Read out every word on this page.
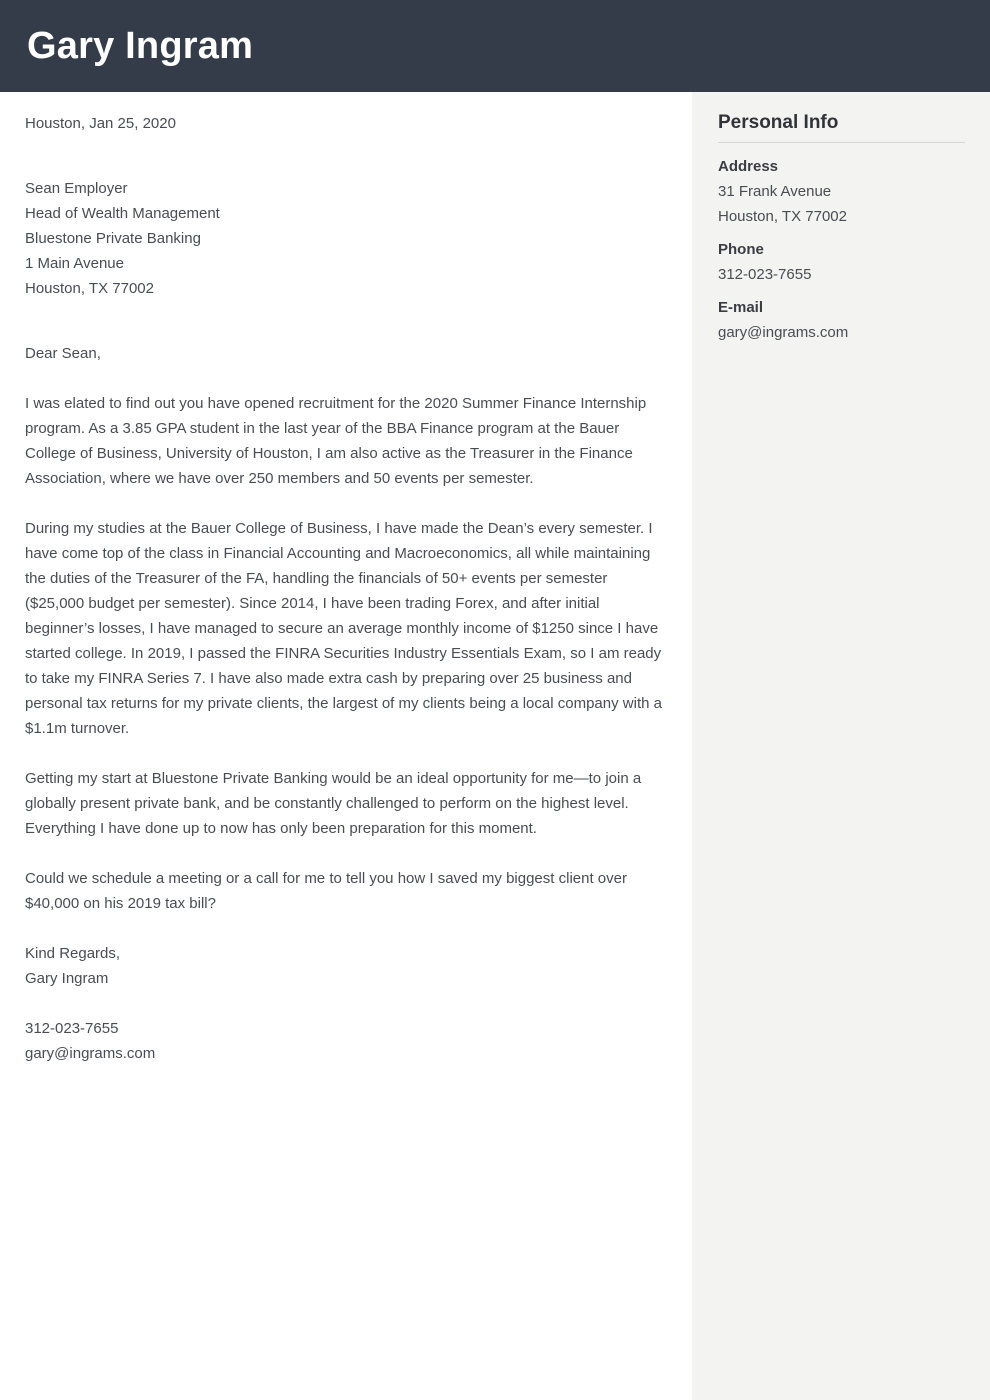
Gary Ingram
Houston, Jan 25, 2020
Sean Employer
Head of Wealth Management
Bluestone Private Banking
1 Main Avenue
Houston, TX 77002
Dear Sean,

I was elated to find out you have opened recruitment for the 2020 Summer Finance Internship program. As a 3.85 GPA student in the last year of the BBA Finance program at the Bauer College of Business, University of Houston, I am also active as the Treasurer in the Finance Association, where we have over 250 members and 50 events per semester.

During my studies at the Bauer College of Business, I have made the Dean’s every semester. I have come top of the class in Financial Accounting and Macroeconomics, all while maintaining the duties of the Treasurer of the FA, handling the financials of 50+ events per semester ($25,000 budget per semester). Since 2014, I have been trading Forex, and after initial beginner’s losses, I have managed to secure an average monthly income of $1250 since I have started college. In 2019, I passed the FINRA Securities Industry Essentials Exam, so I am ready to take my FINRA Series 7. I have also made extra cash by preparing over 25 business and personal tax returns for my private clients, the largest of my clients being a local company with a $1.1m turnover.

Getting my start at Bluestone Private Banking would be an ideal opportunity for me—to join a globally present private bank, and be constantly challenged to perform on the highest level. Everything I have done up to now has only been preparation for this moment.

Could we schedule a meeting or a call for me to tell you how I saved my biggest client over $40,000 on his 2019 tax bill?

Kind Regards,
Gary Ingram
312-023-7655
gary@ingrams.com
Personal Info
Address
31 Frank Avenue
Houston, TX 77002
Phone
312-023-7655
E-mail
gary@ingrams.com
